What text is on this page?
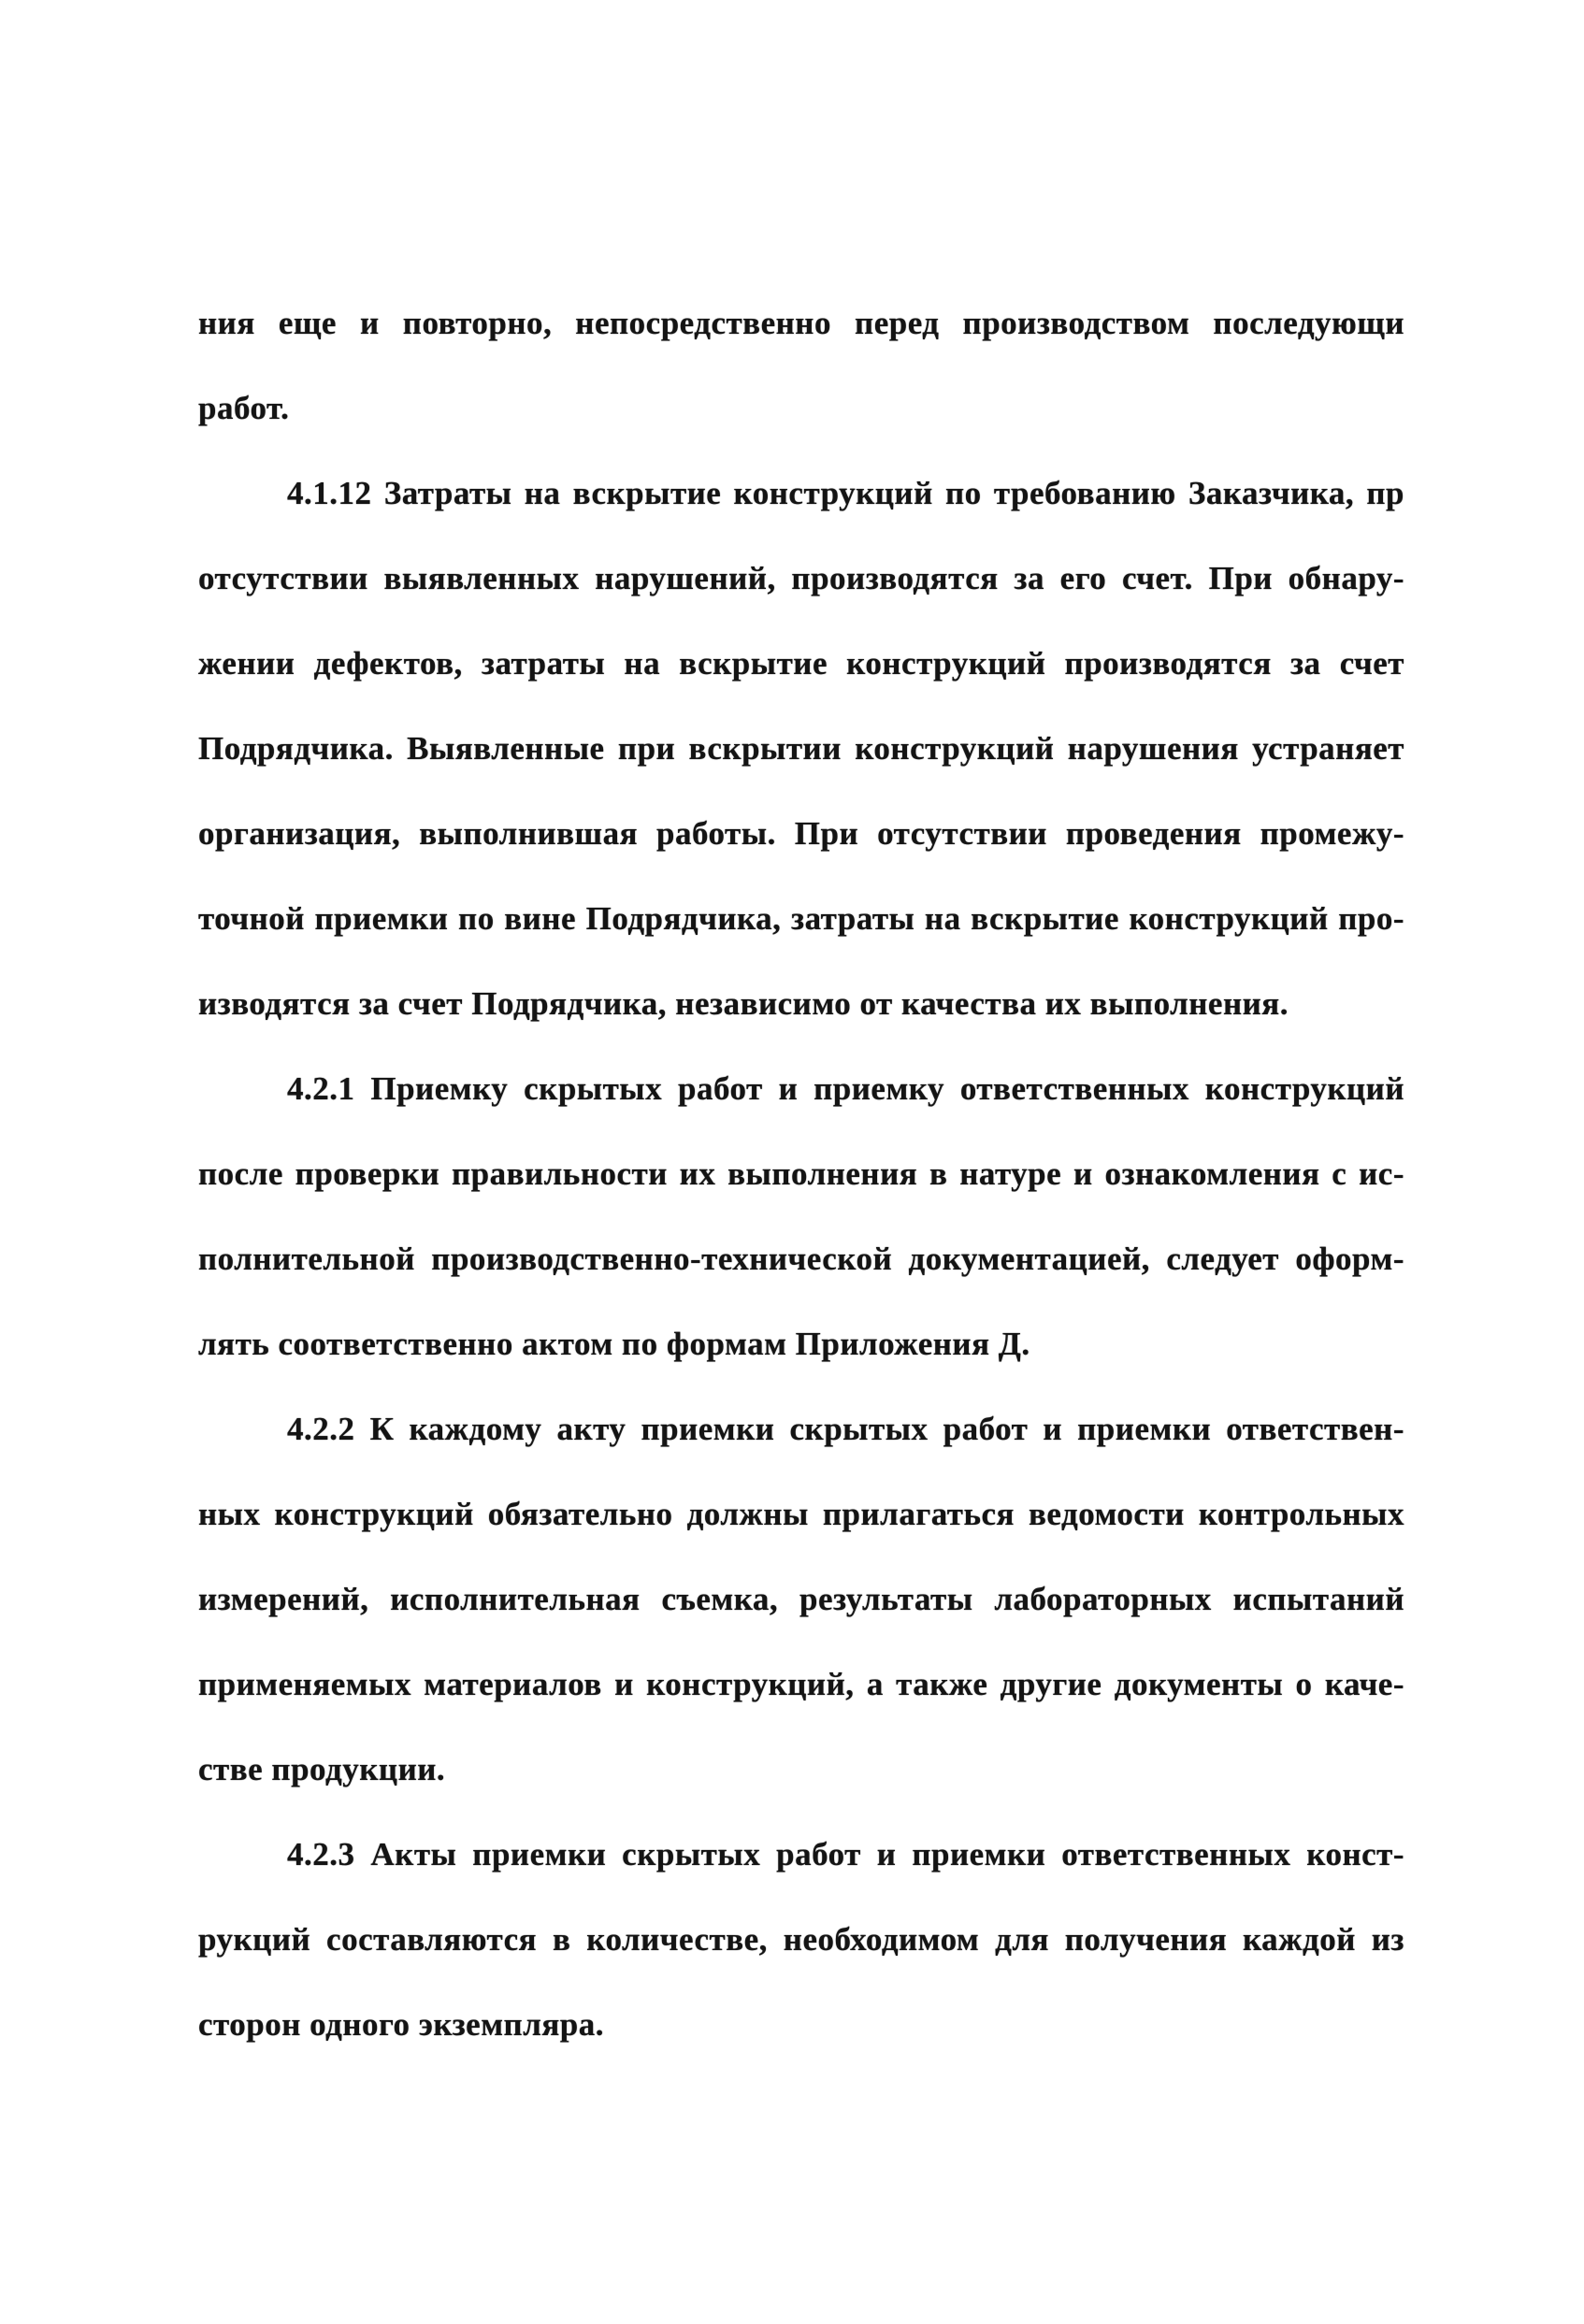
ния еще и повторно, непосредственно перед производством последующи
работ.

4.1.12 Затраты на вскрытие конструкций по требованию Заказчика, пр
отсутствии выявленных нарушений, производятся за его счет. При обнару-
жении дефектов, затраты на вскрытие конструкций производятся за счет
Подрядчика. Выявленные при вскрытии конструкций нарушения устраняет
организация, выполнившая работы. При отсутствии проведения промежу-
точной приемки по вине Подрядчика, затраты на вскрытие конструкций про-
изводятся за счет Подрядчика, независимо от качества их выполнения.

4.2.1 Приемку скрытых работ и приемку ответственных конструкций
после проверки правильности их выполнения в натуре и ознакомления с ис-
полнительной производственно-технической документацией, следует оформ-
лять соответственно актом по формам Приложения Д.

4.2.2 К каждому акту приемки скрытых работ и приемки ответствен-
ных конструкций обязательно должны прилагаться ведомости контрольных
измерений, исполнительная съемка, результаты лабораторных испытаний
применяемых материалов и конструкций, а также другие документы о каче-
стве продукции.

4.2.3 Акты приемки скрытых работ и приемки ответственных конст-
рукций составляются в количестве, необходимом для получения каждой из
сторон одного экземпляра.
